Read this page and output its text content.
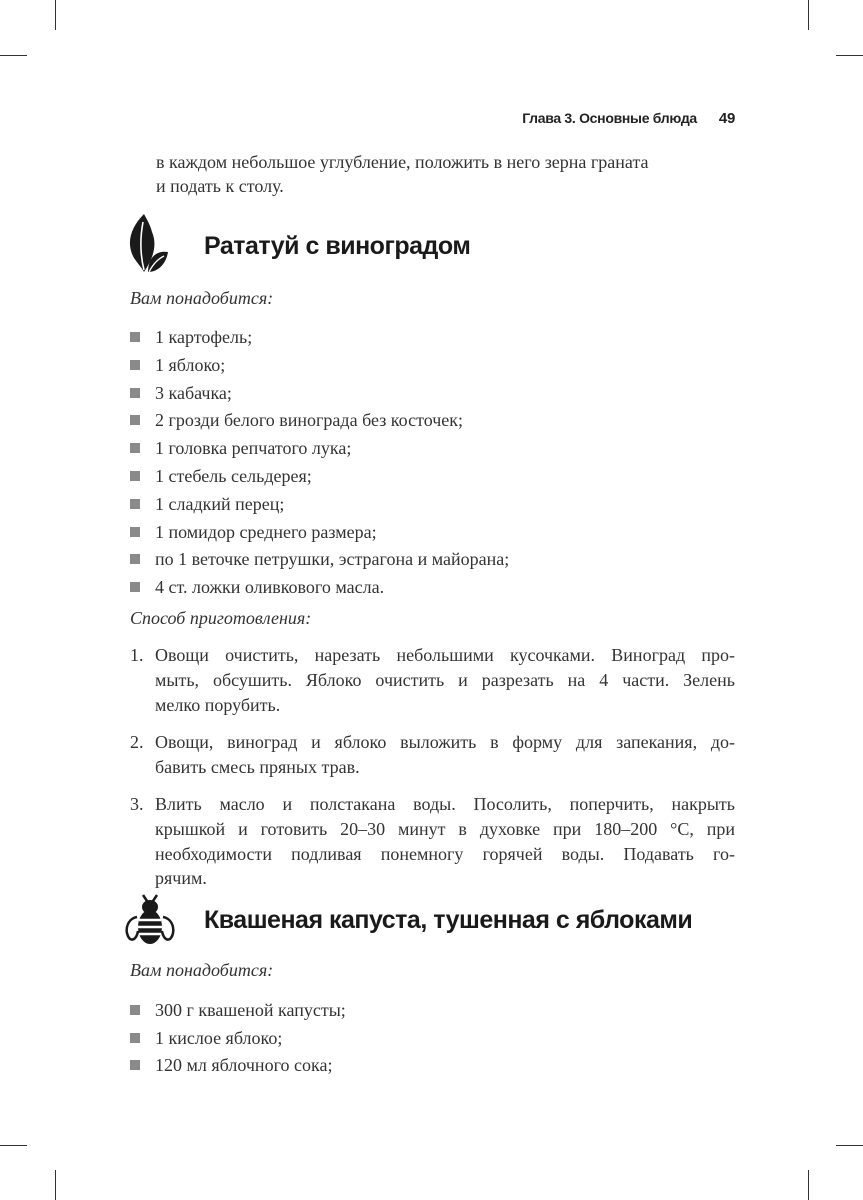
Глава 3. Основные блюда 49
в каждом небольшое углубление, положить в него зерна граната
и подать к столу.
Рататуй с виноградом
Вам понадобится:
1 картофель;
1 яблоко;
3 кабачка;
2 грозди белого винограда без косточек;
1 головка репчатого лука;
1 стебель сельдерея;
1 сладкий перец;
1 помидор среднего размера;
по 1 веточке петрушки, эстрагона и майорана;
4 ст. ложки оливкового масла.
Способ приготовления:
1. Овощи очистить, нарезать небольшими кусочками. Виноград про-
мыть, обсушить. Яблоко очистить и разрезать на 4 части. Зелень
мелко порубить.
2. Овощи, виноград и яблоко выложить в форму для запекания, до-
бавить смесь пряных трав.
3. Влить масло и полстакана воды. Посолить, поперчить, накрыть
крышкой и готовить 20–30 минут в духовке при 180–200 °C, при
необходимости подливая понемногу горячей воды. Подавать го-
рячим.
Квашеная капуста, тушенная с яблоками
Вам понадобится:
300 г квашеной капусты;
1 кислое яблоко;
120 мл яблочного сока;
